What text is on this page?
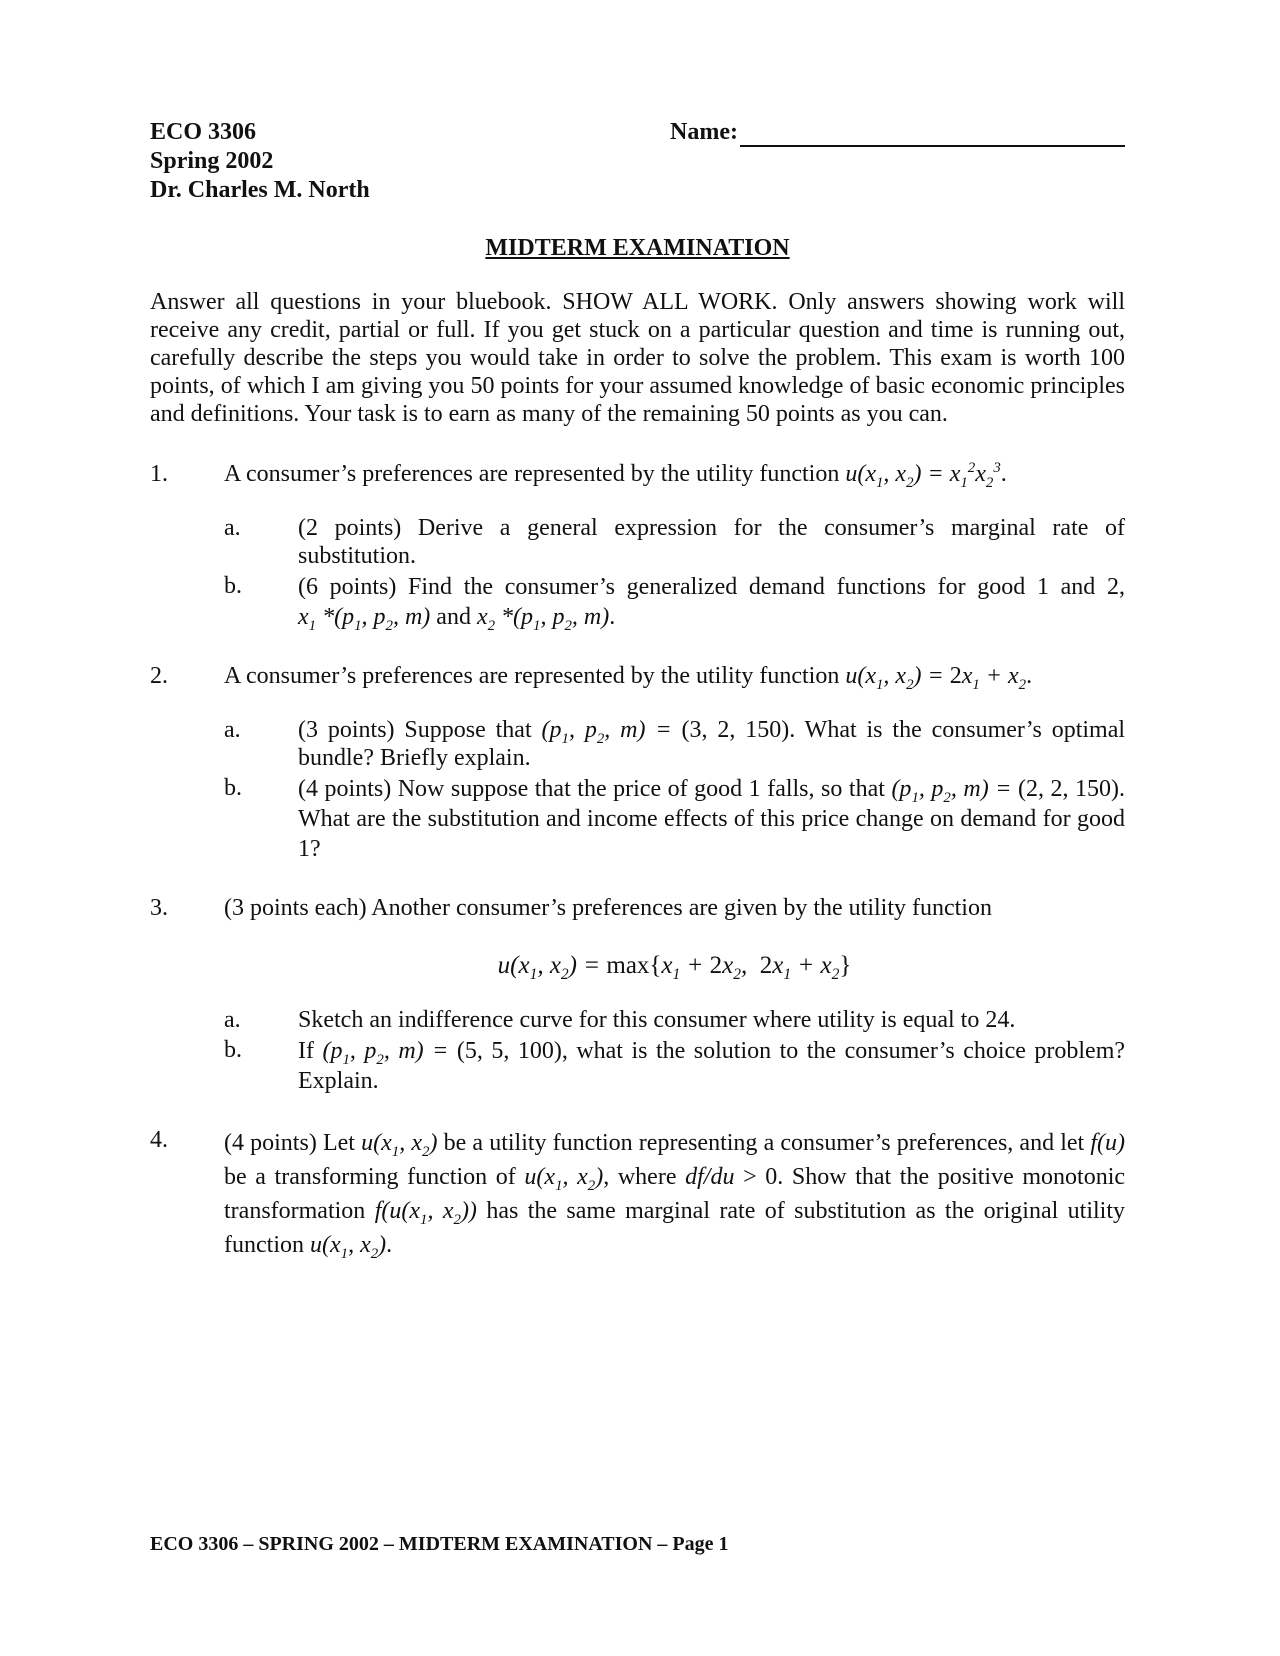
ECO 3306
Spring 2002
Dr. Charles M. North
Name:
MIDTERM EXAMINATION

Answer all questions in your bluebook. SHOW ALL WORK. Only answers showing work will receive any credit, partial or full. If you get stuck on a particular question and time is running out, carefully describe the steps you would take in order to solve the problem. This exam is worth 100 points, of which I am giving you 50 points for your assumed knowledge of basic economic principles and definitions. Your task is to earn as many of the remaining 50 points as you can.

1.	A consumer’s preferences are represented by the utility function $u(x_1$, $x_2) = x_1^2x_2^3$.
a.	(2 points) Derive a general expression for the consumer’s marginal rate of substitution.
b.	(6 points) Find the consumer’s generalized demand functions for good 1 and 2, $x_1$ $*(p_1$, $p_2$, m) and $x_2$ $*(p_1$, $p_2$, m).
2.	A consumer’s preferences are represented by the utility function $u(x_1$, $x_2) = 2x_1 + x_2$.
a.	(3 points) Suppose that ($p_1$, $p_2$, m) = (3, 2, 150). What is the consumer’s optimal bundle? Briefly explain.
b.	(4 points) Now suppose that the price of good 1 falls, so that ($p_1$, $p_2$, m) = (2, 2, 150). What are the substitution and income effects of this price change on demand for good 1?
3.	(3 points each) Another consumer’s preferences are given by the utility function
$u(x_1$, $x_2) = \max\{x_1 + 2x_2$,  $2x_1 + x_2$}
a.	Sketch an indifference curve for this consumer where utility is equal to 24.
b.	If ($p_1$, $p_2$, m) = (5, 5, 100), what is the solution to the consumer’s choice problem? Explain.
4.	(4 points) Let $u(x_1$, $x_2$) be a utility function representing a consumer’s preferences, and let f(u) be a transforming function of $u(x_1$, $x_2$), where df/du > 0. Show that the positive monotonic transformation $f(u(x_1$, $x_2$)) has the same marginal rate of substitution as the original utility function $u(x_1$, $x_2$).
ECO 3306 – SPRING 2002 – MIDTERM EXAMINATION – Page 1
